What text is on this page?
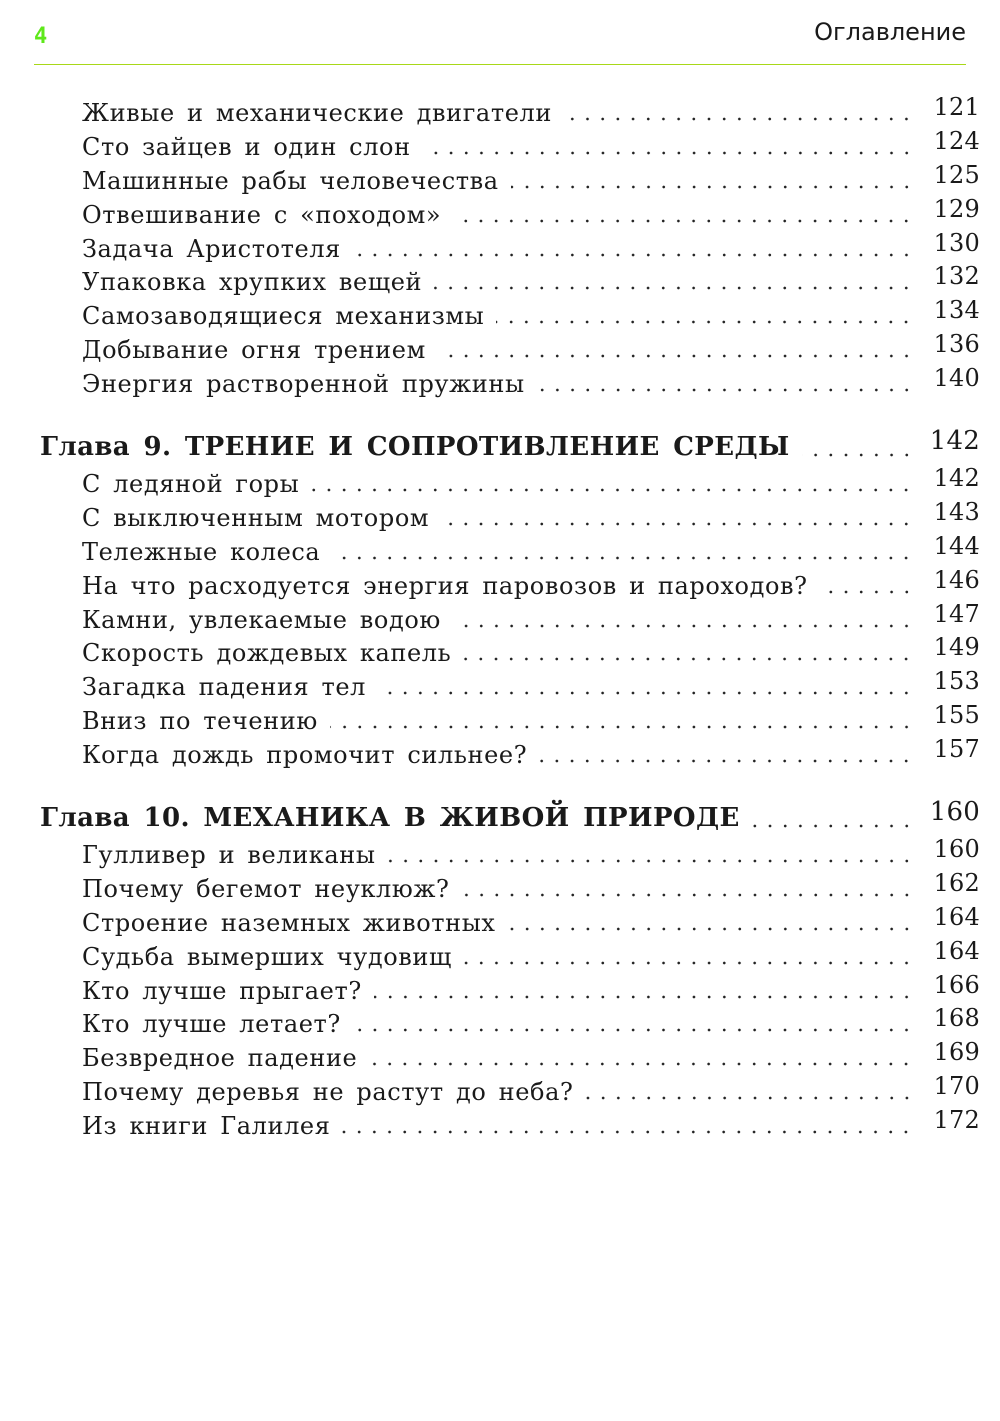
4	Оглавление
Живые и механические двигатели	121
Сто зайцев и один слон	124
Машинные рабы человечества	125
Отвешивание с «походом»	129
Задача Аристотеля	130
Упаковка хрупких вещей	132
Самозаводящиеся механизмы	134
Добывание огня трением	136
Энергия растворенной пружины	140
Глава 9. ТРЕНИЕ И СОПРОТИВЛЕНИЕ СРЕДЫ	142
С ледяной горы	142
С выключенным мотором	143
Тележные колеса	144
На что расходуется энергия паровозов и пароходов?	146
Камни, увлекаемые водою	147
Скорость дождевых капель	149
Загадка падения тел	153
Вниз по течению	155
Когда дождь промочит сильнее?	157
Глава 10. МЕХАНИКА В ЖИВОЙ ПРИРОДЕ	160
Гулливер и великаны	160
Почему бегемот неуклюж?	162
Строение наземных животных	164
Судьба вымерших чудовищ	164
Кто лучше прыгает?	166
Кто лучше летает?	168
Безвредное падение	169
Почему деревья не растут до неба?	170
Из книги Галилея	172
